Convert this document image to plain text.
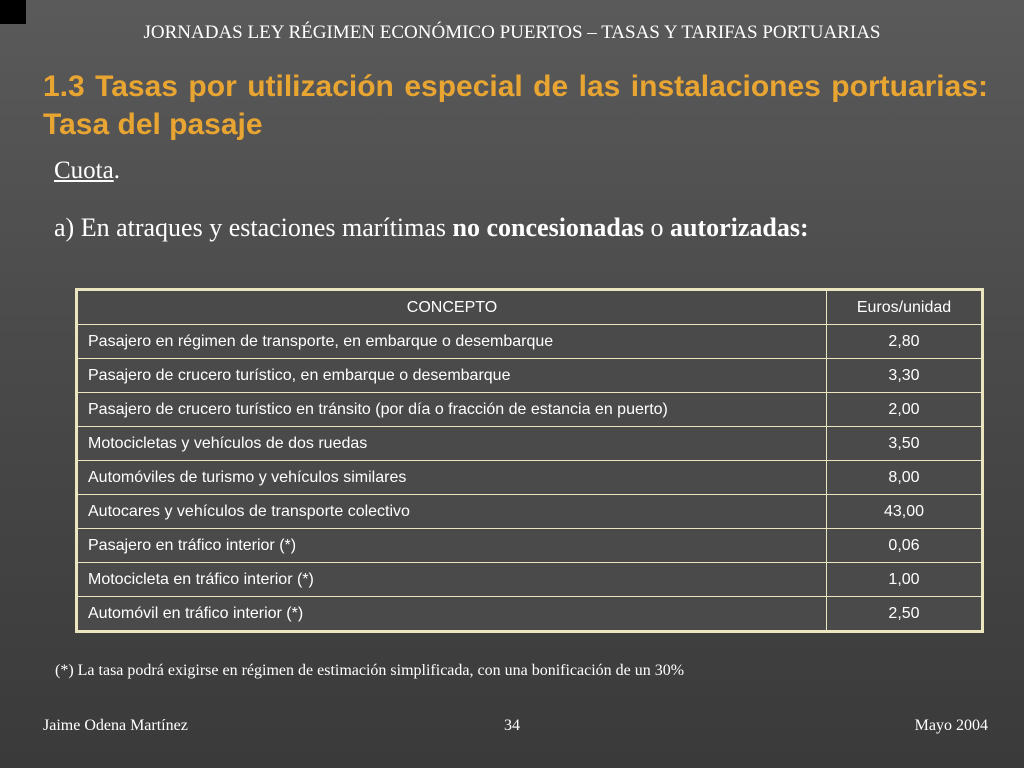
JORNADAS LEY RÉGIMEN ECONÓMICO PUERTOS – TASAS Y TARIFAS PORTUARIAS
1.3 Tasas por utilización especial de las instalaciones portuarias: Tasa del pasaje
Cuota.
a) En atraques y estaciones marítimas no concesionadas o autorizadas:
CONCEPTO	Euros/unidad
Pasajero en régimen de transporte, en embarque o desembarque	2,80
Pasajero de crucero turístico, en embarque o desembarque	3,30
Pasajero de crucero turístico en tránsito (por día o fracción de estancia en puerto)	2,00
Motocicletas y vehículos de dos ruedas	3,50
Automóviles de turismo y vehículos similares	8,00
Autocares y vehículos de transporte colectivo	43,00
Pasajero en tráfico interior (*)	0,06
Motocicleta en tráfico interior (*)	1,00
Automóvil en tráfico interior (*)	2,50
(*) La tasa podrá exigirse en régimen de estimación simplificada, con una bonificación de un 30%
Jaime Odena Martínez	34	Mayo 2004
